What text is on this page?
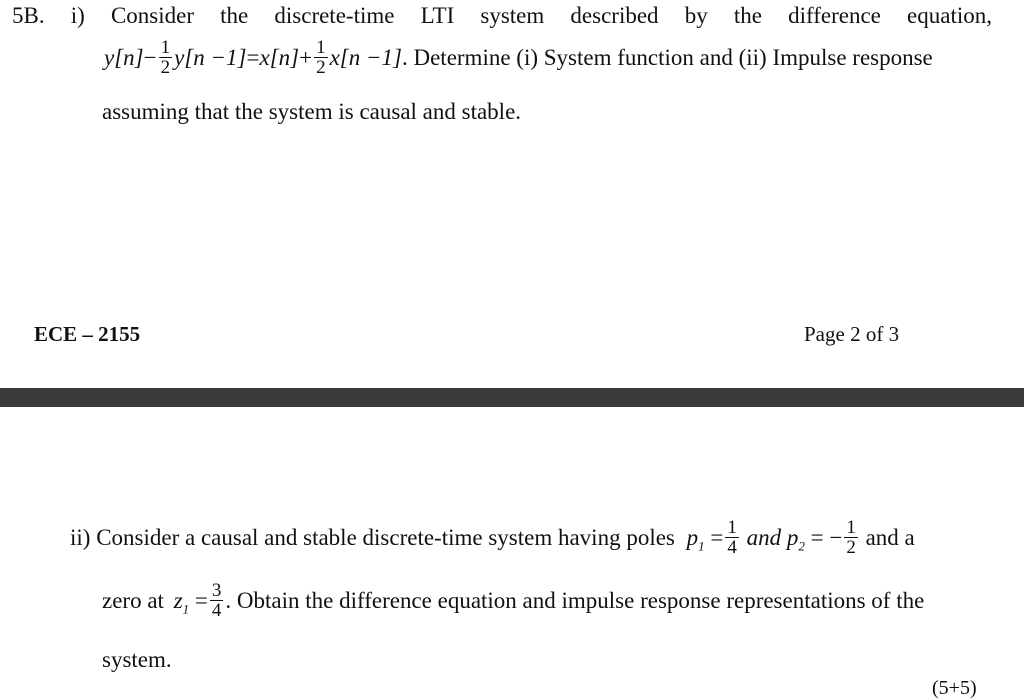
5B. i) Consider the discrete-time LTI system described by the difference equation,
$y[n]- \frac{1}{2} y[n -1]=x[n]+ \frac{1}{2} x[n -1]$. Determine (i) System function and (ii) Impulse response
assuming that the system is causal and stable.
ECE – 2155	Page 2 of 3
ii) Consider a causal and stable discrete-time system having poles $p_1 = \frac{1}{4}$ and $p_2$ = − $\frac{1}{2}$ and a
zero at $z_1 = \frac{3}{4}$ . Obtain the difference equation and impulse response representations of the
system.
(5+5)
